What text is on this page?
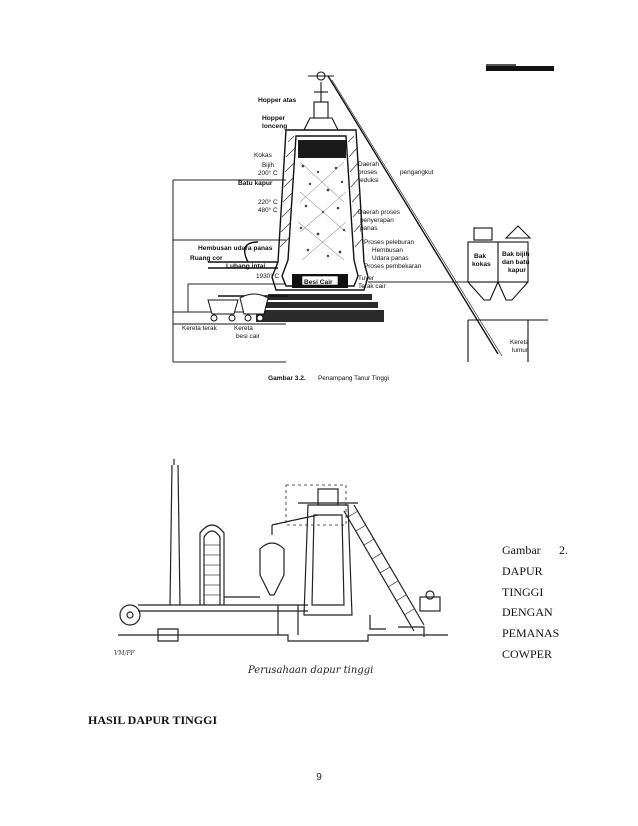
Hopper atas
Hopper
lonceng
Kokas
Bijih
200° C
Batu kapur
220° C
480° C
Hembusan udara panas
Ruang cor
Lubang intai
1930° C
Besi Cair
Kereta terak	Kereta
besi cair
Daerah
proses
reduksi
pengangkut
Daerah proses
penyerapan
panas
Proses peleburan
Hembusan
Udara panas
Proses pembekaran
Tuyer
Terak cair
Bak
kokas
Bak bijih
dan batu
kapur
Kereta
lumur
Gambar 3.2. Penampang Tanur Tinggi
Perusahaan dapur tinggi
VM/PF
Gambar 2.
DAPUR
TINGGI
DENGAN
PEMANAS
COWPER
HASIL DAPUR TINGGI
9
